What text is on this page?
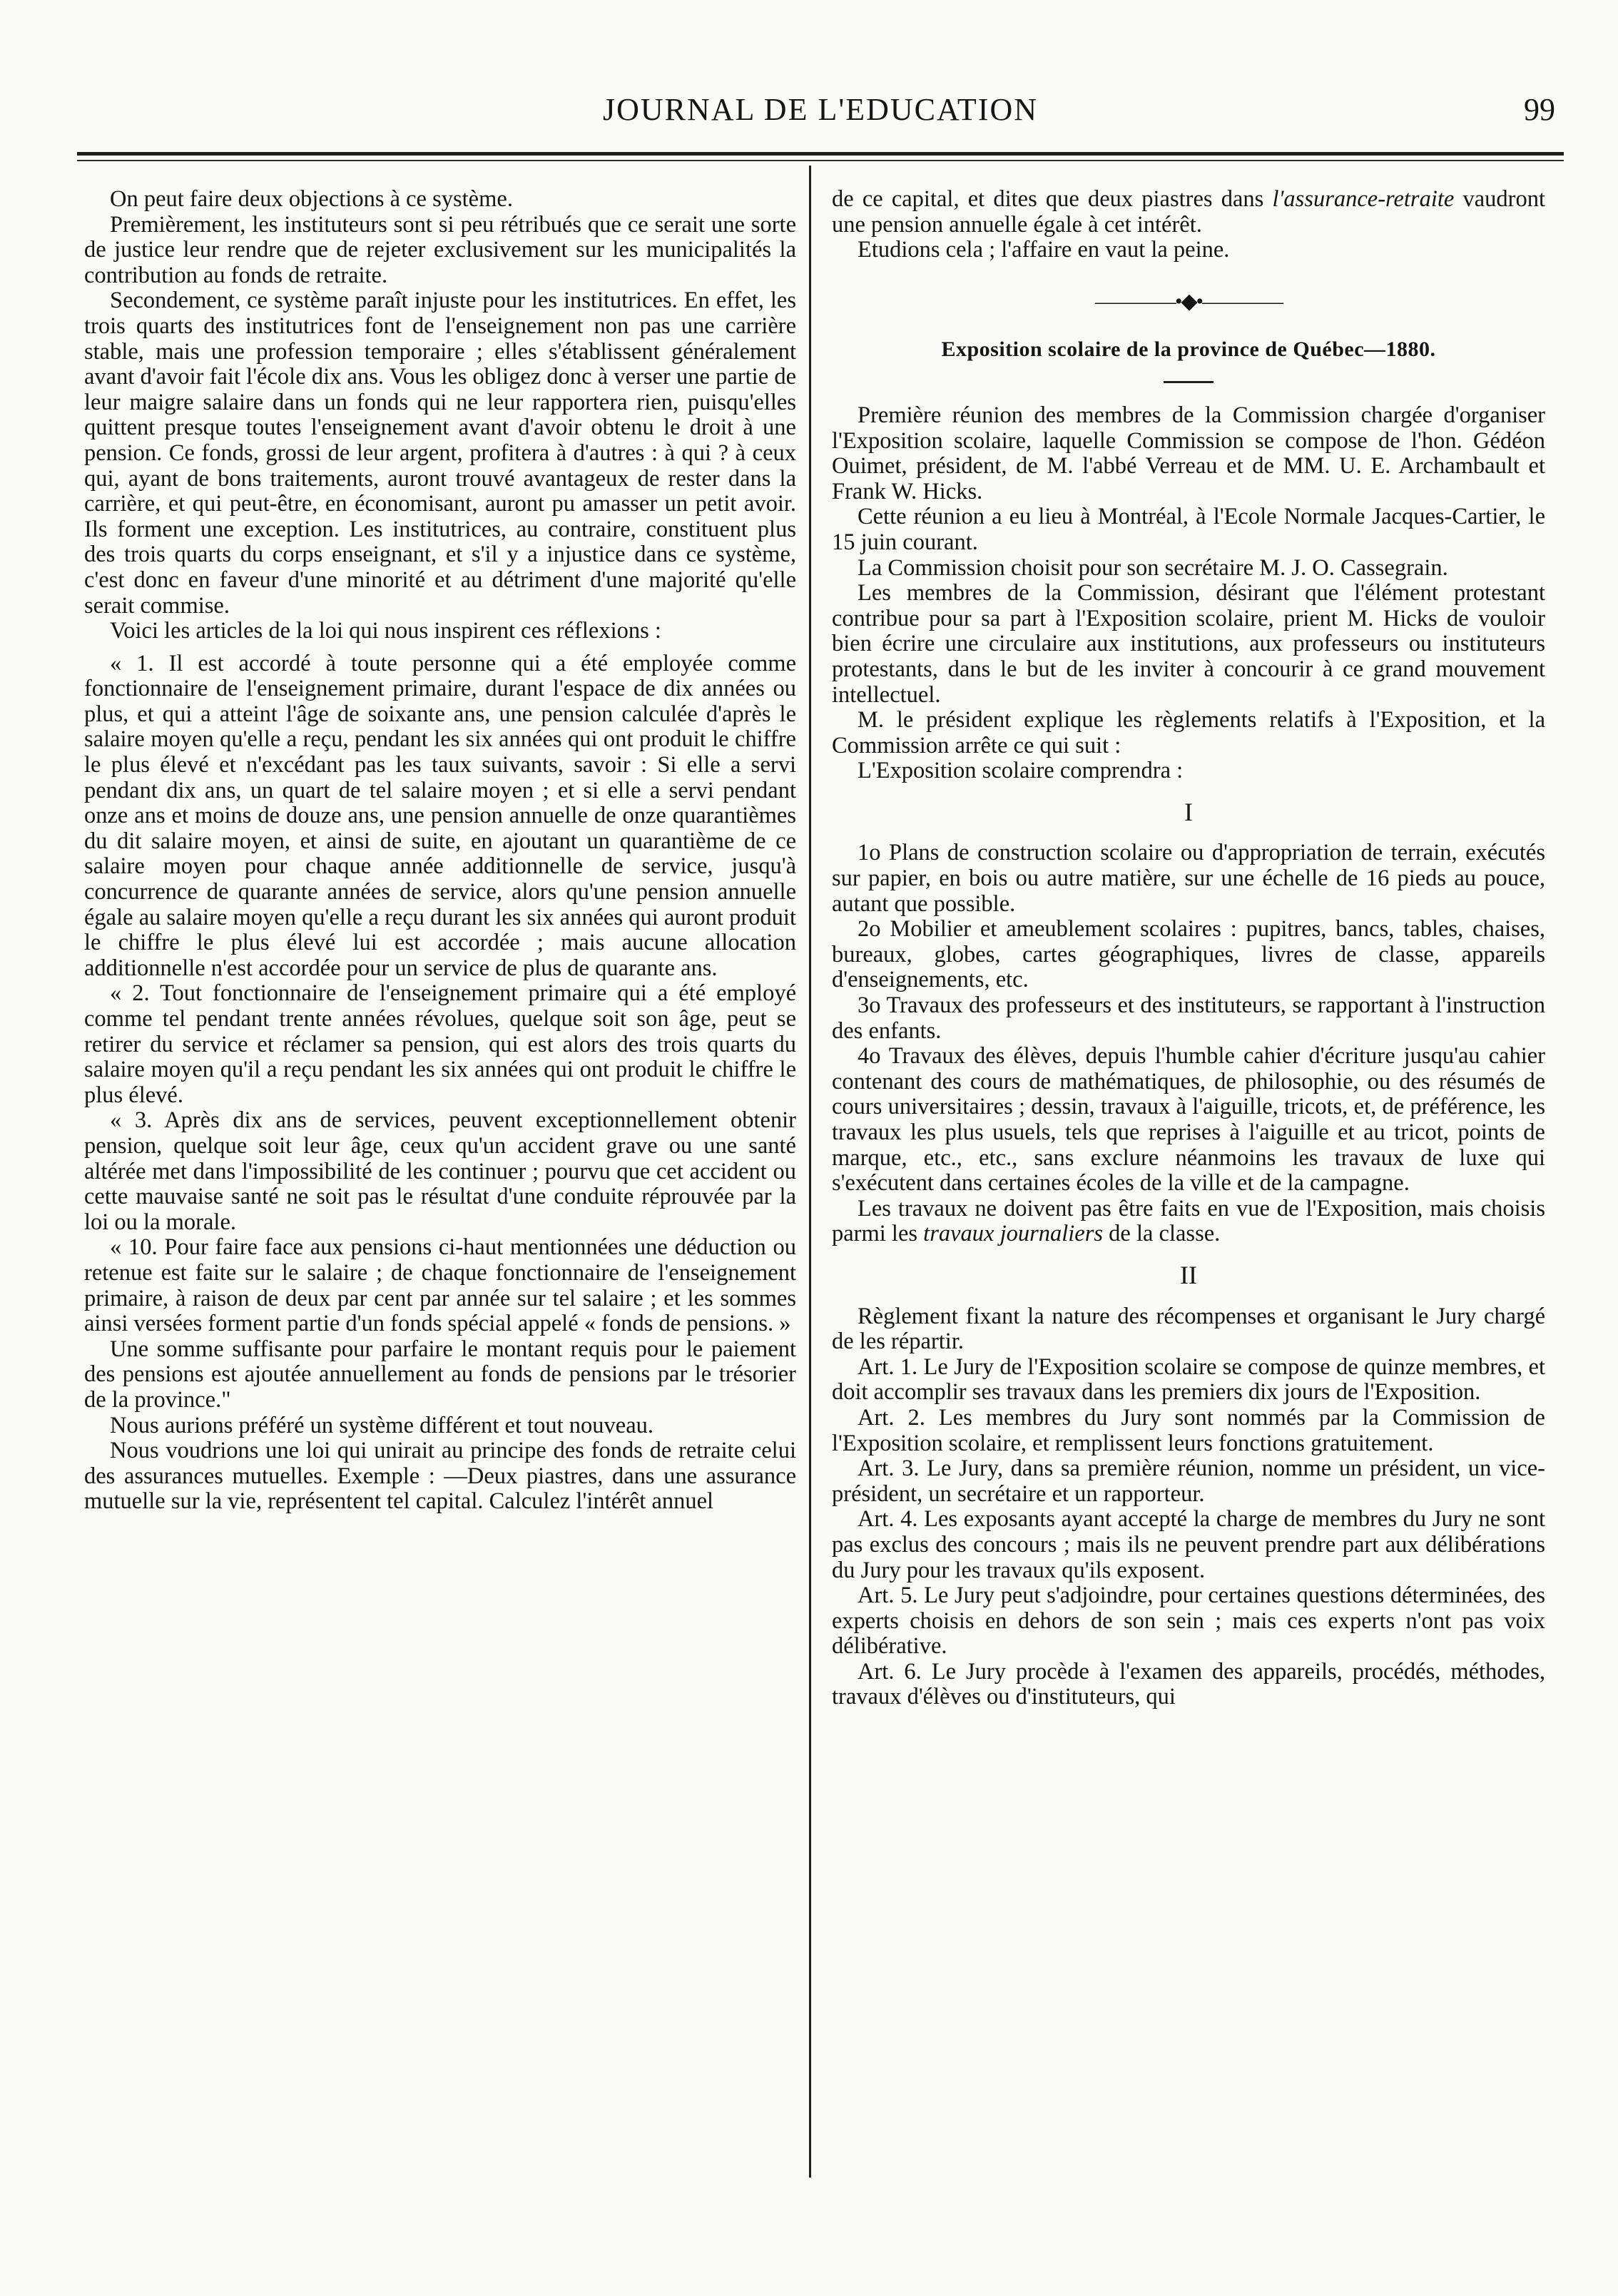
JOURNAL DE L'EDUCATION	99

On peut faire deux objections à ce système.

Premièrement, les instituteurs sont si peu rétribués que ce serait une sorte de justice leur rendre que de rejeter exclusivement sur les municipalités la contribution au fonds de retraite.

Secondement, ce système paraît injuste pour les institutrices. En effet, les trois quarts des institutrices font de l'enseignement non pas une carrière stable, mais une profession temporaire ; elles s'établissent généralement avant d'avoir fait l'école dix ans. Vous les obligez donc à verser une partie de leur maigre salaire dans un fonds qui ne leur rapportera rien, puisqu'elles quittent presque toutes l'enseignement avant d'avoir obtenu le droit à une pension. Ce fonds, grossi de leur argent, profitera à d'autres : à qui ? à ceux qui, ayant de bons traitements, auront trouvé avantageux de rester dans la carrière, et qui peut-être, en économisant, auront pu amasser un petit avoir. Ils forment une exception. Les institutrices, au contraire, constituent plus des trois quarts du corps enseignant, et s'il y a injustice dans ce système, c'est donc en faveur d'une minorité et au détriment d'une majorité qu'elle serait commise.

Voici les articles de la loi qui nous inspirent ces réflexions :

« 1. Il est accordé à toute personne qui a été employée comme fonctionnaire de l'enseignement primaire, durant l'espace de dix années ou plus, et qui a atteint l'âge de soixante ans, une pension calculée d'après le salaire moyen qu'elle a reçu, pendant les six années qui ont produit le chiffre le plus élevé et n'excédant pas les taux suivants, savoir : Si elle a servi pendant dix ans, un quart de tel salaire moyen ; et si elle a servi pendant onze ans et moins de douze ans, une pension annuelle de onze quarantièmes du dit salaire moyen, et ainsi de suite, en ajoutant un quarantième de ce salaire moyen pour chaque année additionnelle de service, jusqu'à concurrence de quarante années de service, alors qu'une pension annuelle égale au salaire moyen qu'elle a reçu durant les six années qui auront produit le chiffre le plus élevé lui est accordée ; mais aucune allocation additionnelle n'est accordée pour un service de plus de quarante ans.

« 2. Tout fonctionnaire de l'enseignement primaire qui a été employé comme tel pendant trente années révolues, quelque soit son âge, peut se retirer du service et réclamer sa pension, qui est alors des trois quarts du salaire moyen qu'il a reçu pendant les six années qui ont produit le chiffre le plus élevé.

« 3. Après dix ans de services, peuvent exceptionnellement obtenir pension, quelque soit leur âge, ceux qu'un accident grave ou une santé altérée met dans l'impossibilité de les continuer ; pourvu que cet accident ou cette mauvaise santé ne soit pas le résultat d'une conduite réprouvée par la loi ou la morale.

« 10. Pour faire face aux pensions ci-haut mentionnées une déduction ou retenue est faite sur le salaire ; de chaque fonctionnaire de l'enseignement primaire, à raison de deux par cent par année sur tel salaire ; et les sommes ainsi versées forment partie d'un fonds spécial appelé « fonds de pensions. »

Une somme suffisante pour parfaire le montant requis pour le paiement des pensions est ajoutée annuellement au fonds de pensions par le trésorier de la province."

Nous aurions préféré un système différent et tout nouveau.

Nous voudrions une loi qui unirait au principe des fonds de retraite celui des assurances mutuelles. Exemple : —Deux piastres, dans une assurance mutuelle sur la vie, représentent tel capital. Calculez l'intérêt annuel

de ce capital, et dites que deux piastres dans l'assurance-retraite vaudront une pension annuelle égale à cet intérêt.

Etudions cela ; l'affaire en vaut la peine.

————•◆•————
Exposition scolaire de la province de Québec—1880.

Première réunion des membres de la Commission chargée d'organiser l'Exposition scolaire, laquelle Commission se compose de l'hon. Gédéon Ouimet, président, de M. l'abbé Verreau et de MM. U. E. Archambault et Frank W. Hicks.

Cette réunion a eu lieu à Montréal, à l'Ecole Normale Jacques-Cartier, le 15 juin courant.

La Commission choisit pour son secrétaire M. J. O. Cassegrain.

Les membres de la Commission, désirant que l'élément protestant contribue pour sa part à l'Exposition scolaire, prient M. Hicks de vouloir bien écrire une circulaire aux institutions, aux professeurs ou instituteurs protestants, dans le but de les inviter à concourir à ce grand mouvement intellectuel.

M. le président explique les règlements relatifs à l'Exposition, et la Commission arrête ce qui suit :

L'Exposition scolaire comprendra :

I

1o Plans de construction scolaire ou d'appropriation de terrain, exécutés sur papier, en bois ou autre matière, sur une échelle de 16 pieds au pouce, autant que possible.

2o Mobilier et ameublement scolaires : pupitres, bancs, tables, chaises, bureaux, globes, cartes géographiques, livres de classe, appareils d'enseignements, etc.

3o Travaux des professeurs et des instituteurs, se rapportant à l'instruction des enfants.

4o Travaux des élèves, depuis l'humble cahier d'écriture jusqu'au cahier contenant des cours de mathématiques, de philosophie, ou des résumés de cours universitaires ; dessin, travaux à l'aiguille, tricots, et, de préférence, les travaux les plus usuels, tels que reprises à l'aiguille et au tricot, points de marque, etc., etc., sans exclure néanmoins les travaux de luxe qui s'exécutent dans certaines écoles de la ville et de la campagne.

Les travaux ne doivent pas être faits en vue de l'Exposition, mais choisis parmi les travaux journaliers de la classe.

II

Règlement fixant la nature des récompenses et organisant le Jury chargé de les répartir.

Art. 1. Le Jury de l'Exposition scolaire se compose de quinze membres, et doit accomplir ses travaux dans les premiers dix jours de l'Exposition.

Art. 2. Les membres du Jury sont nommés par la Commission de l'Exposition scolaire, et remplissent leurs fonctions gratuitement.

Art. 3. Le Jury, dans sa première réunion, nomme un président, un vice-président, un secrétaire et un rapporteur.

Art. 4. Les exposants ayant accepté la charge de membres du Jury ne sont pas exclus des concours ; mais ils ne peuvent prendre part aux délibérations du Jury pour les travaux qu'ils exposent.

Art. 5. Le Jury peut s'adjoindre, pour certaines questions déterminées, des experts choisis en dehors de son sein ; mais ces experts n'ont pas voix délibérative.

Art. 6. Le Jury procède à l'examen des appareils, procédés, méthodes, travaux d'élèves ou d'instituteurs, qui
